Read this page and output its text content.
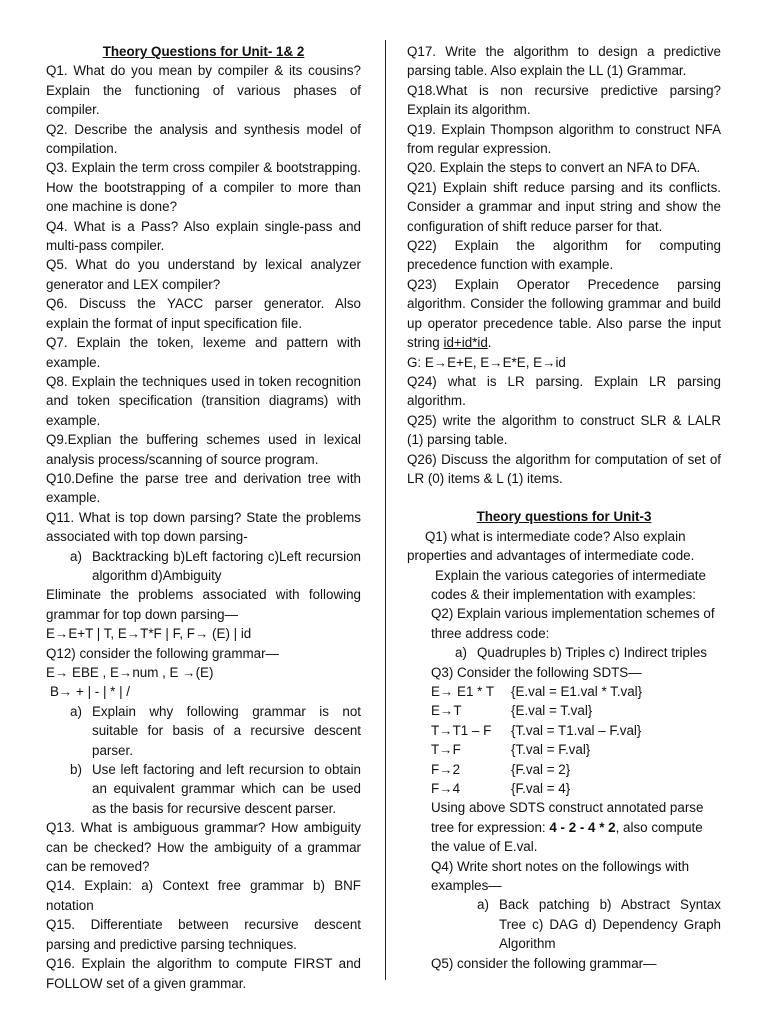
Theory Questions for Unit- 1& 2

Q1. What do you mean by compiler & its cousins? Explain the functioning of various phases of compiler.

Q2. Describe the analysis and synthesis model of compilation.

Q3. Explain the term cross compiler & bootstrapping. How the bootstrapping of a compiler to more than one machine is done?

Q4. What is a Pass? Also explain single-pass and multi-pass compiler.

Q5. What do you understand by lexical analyzer generator and LEX compiler?

Q6. Discuss the YACC parser generator. Also explain the format of input specification file.

Q7. Explain the token, lexeme and pattern with example.

Q8. Explain the techniques used in token recognition and token specification (transition diagrams) with example.

Q9.Explian the buffering schemes used in lexical analysis process/scanning of source program.

Q10.Define the parse tree and derivation tree with example.

Q11. What is top down parsing? State the problems associated with top down parsing-

a) Backtracking b)Left factoring c)Left recursion algorithm d)Ambiguity

Eliminate the problems associated with following grammar for top down parsing—

E→E+T | T, E→T*F | F, F→ (E) | id

Q12) consider the following grammar—

E→ EBE , E→num , E →(E)

B→ + | - | * | /

a) Explain why following grammar is not suitable for basis of a recursive descent parser.
b) Use left factoring and left recursion to obtain an equivalent grammar which can be used as the basis for recursive descent parser.

Q13. What is ambiguous grammar? How ambiguity can be checked? How the ambiguity of a grammar can be removed?

Q14. Explain: a) Context free grammar b) BNF notation

Q15. Differentiate between recursive descent parsing and predictive parsing techniques.

Q16. Explain the algorithm to compute FIRST and FOLLOW set of a given grammar.

Q17. Write the algorithm to design a predictive parsing table. Also explain the LL (1) Grammar.

Q18.What is non recursive predictive parsing? Explain its algorithm.

Q19. Explain Thompson algorithm to construct NFA from regular expression.

Q20. Explain the steps to convert an NFA to DFA.

Q21) Explain shift reduce parsing and its conflicts. Consider a grammar and input string and show the configuration of shift reduce parser for that.

Q22) Explain the algorithm for computing precedence function with example.

Q23) Explain Operator Precedence parsing algorithm. Consider the following grammar and build up operator precedence table. Also parse the input string id+id*id.

G: E→E+E, E→E*E, E→id

Q24) what is LR parsing. Explain LR parsing algorithm.

Q25) write the algorithm to construct SLR & LALR (1) parsing table.

Q26) Discuss the algorithm for computation of set of LR (0) items & L (1) items.

Theory questions for Unit-3

Q1) what is intermediate code? Also explain properties and advantages of intermediate code.

Explain the various categories of intermediate codes & their implementation with examples:

Q2) Explain various implementation schemes of three address code:

a) Quadruples b) Triples c) Indirect triples

Q3) Consider the following SDTS—

E→ E1 * T	{E.val = E1.val * T.val}
E→T	{E.val = T.val}
T→T1 – F	{T.val = T1.val – F.val}
T→F	{T.val = F.val}
F→2	{F.val = 2}
F→4	{F.val = 4}

Using above SDTS construct annotated parse tree for expression: 4 - 2 - 4 * 2, also compute the value of E.val.

Q4) Write short notes on the followings with examples—

a) Back patching b) Abstract Syntax Tree c) DAG d) Dependency Graph Algorithm

Q5) consider the following grammar—
